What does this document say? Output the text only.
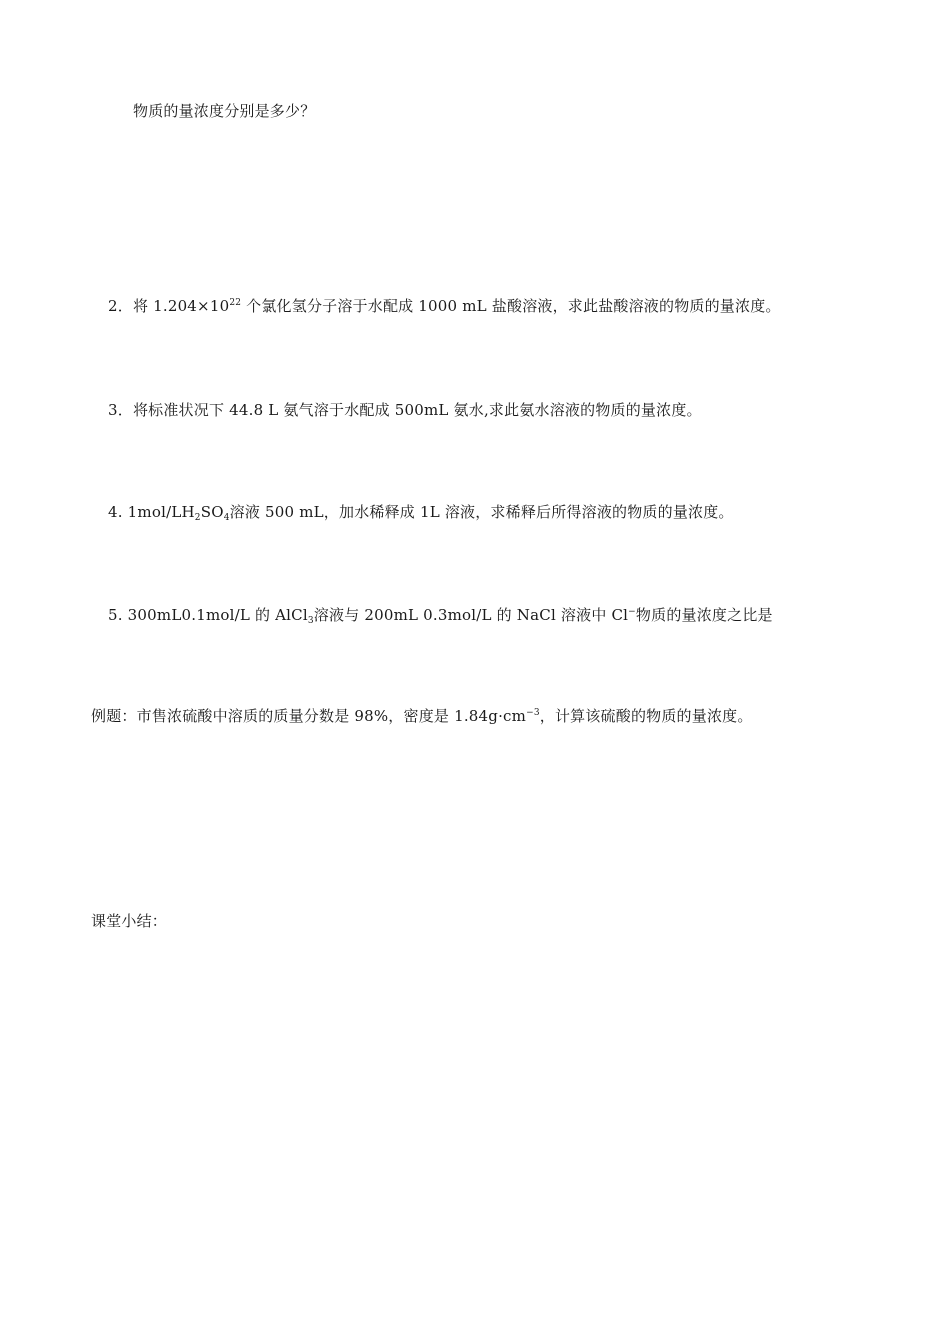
物质的量浓度分别是多少？
2．将 $1.204\times 10^{22}$ 个氯化氢分子溶于水配成 1000 mL 盐酸溶液，求此盐酸溶液的物质的量浓度。
3．将标准状况下 44.8 L 氨气溶于水配成 500mL 氨水,求此氨水溶液的物质的量浓度。
4. $1mol/LH_2SO_4$溶液 500 mL，加水稀释成 1L 溶液，求稀释后所得溶液的物质的量浓度。
5. 300mL0.1mol/L 的 AlCl$_3$溶液与 200mL 0.3mol/L 的 NaCl 溶液中 Cl−物质的量浓度之比是
例题：市售浓硫酸中溶质的质量分数是 98%，密度是 $1.84g\cdot cm^{-3}$，计算该硫酸的物质的量浓度。
课堂小结：
